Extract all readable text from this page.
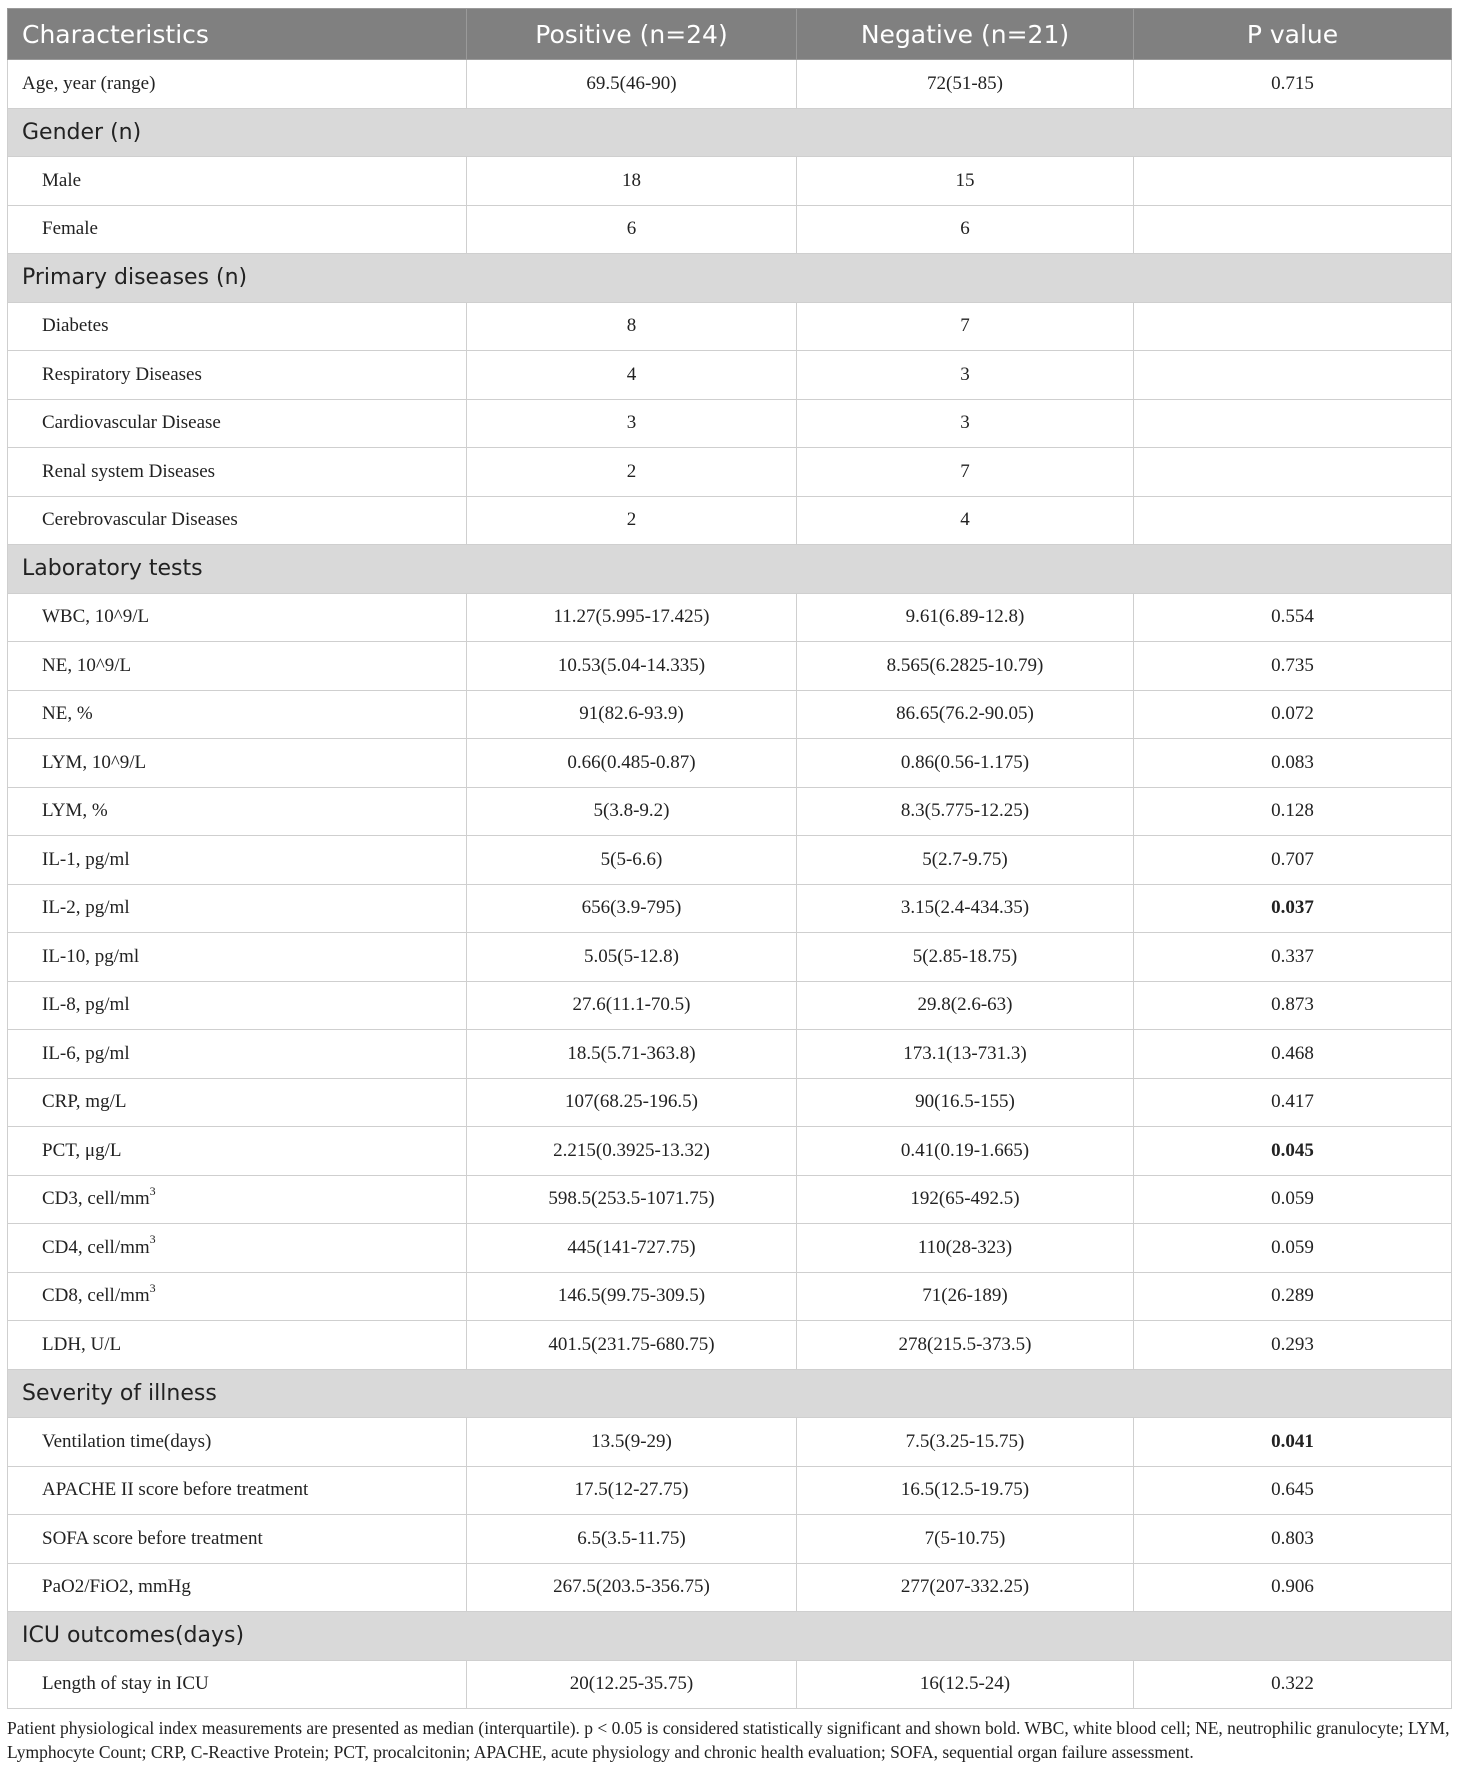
Characteristics	Positive (n=24)	Negative (n=21)	P value
Age, year (range)	69.5(46-90)	72(51-85)	0.715
Gender (n)			
Male	18	15	
Female	6	6	
Primary diseases (n)			
Diabetes	8	7	
Respiratory Diseases	4	3	
Cardiovascular Disease	3	3	
Renal system Diseases	2	7	
Cerebrovascular Diseases	2	4	
Laboratory tests			
WBC, 10^9/L	11.27(5.995-17.425)	9.61(6.89-12.8)	0.554
NE, 10^9/L	10.53(5.04-14.335)	8.565(6.2825-10.79)	0.735
NE, %	91(82.6-93.9)	86.65(76.2-90.05)	0.072
LYM, 10^9/L	0.66(0.485-0.87)	0.86(0.56-1.175)	0.083
LYM, %	5(3.8-9.2)	8.3(5.775-12.25)	0.128
IL-1, pg/ml	5(5-6.6)	5(2.7-9.75)	0.707
IL-2, pg/ml	656(3.9-795)	3.15(2.4-434.35)	0.037
IL-10, pg/ml	5.05(5-12.8)	5(2.85-18.75)	0.337
IL-8, pg/ml	27.6(11.1-70.5)	29.8(2.6-63)	0.873
IL-6, pg/ml	18.5(5.71-363.8)	173.1(13-731.3)	0.468
CRP, mg/L	107(68.25-196.5)	90(16.5-155)	0.417
PCT, μg/L	2.215(0.3925-13.32)	0.41(0.19-1.665)	0.045
CD3, cell/$mm^3$	598.5(253.5-1071.75)	192(65-492.5)	0.059
CD4, cell/$mm^3$	445(141-727.75)	110(28-323)	0.059
CD8, cell/$mm^3$	146.5(99.75-309.5)	71(26-189)	0.289
LDH, U/L	401.5(231.75-680.75)	278(215.5-373.5)	0.293
Severity of illness			
Ventilation time(days)	13.5(9-29)	7.5(3.25-15.75)	0.041
APACHE II score before treatment	17.5(12-27.75)	16.5(12.5-19.75)	0.645
SOFA score before treatment	6.5(3.5-11.75)	7(5-10.75)	0.803
PaO2/FiO2, mmHg	267.5(203.5-356.75)	277(207-332.25)	0.906
ICU outcomes(days)			
Length of stay in ICU	20(12.25-35.75)	16(12.5-24)	0.322
Patient physiological index measurements are presented as median (interquartile). p < 0.05 is considered statistically significant and shown bold. WBC, white blood cell; NE, neutrophilic granulocyte; LYM, Lymphocyte Count; CRP, C-Reactive Protein; PCT, procalcitonin; APACHE, acute physiology and chronic health evaluation; SOFA, sequential organ failure assessment.
